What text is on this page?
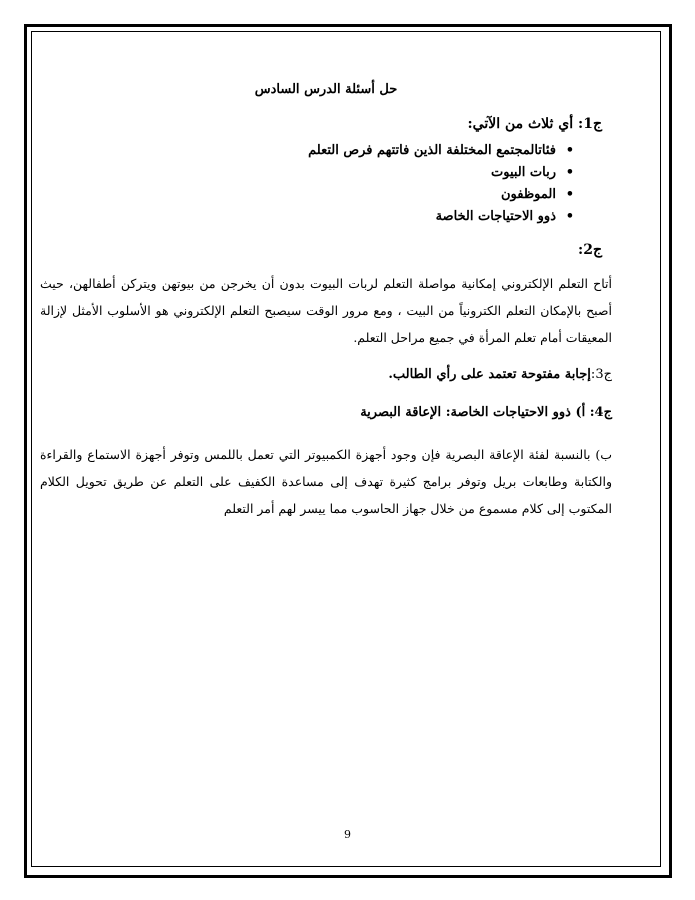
حل أسئلة الدرس السادس
ج1: أي ثلاث من الآتي:
• فئاتالمجتمع المختلفة الذين فاتتهم فرص التعلم
• ربات البيوت
• الموظفون
• ذوو الاحتياجات الخاصة
ج2:

أتاح التعلم الإلكتروني إمكانية مواصلة التعلم لربات البيوت بدون أن يخرجن من بيوتهن ويتركن أطفالهن، حيث أصبح بالإمكان التعلم الكترونياً من البيت ، ومع مرور الوقت سيصبح التعلم الإلكتروني هو الأسلوب الأمثل لإزالة المعيقات أمام تعلم المرأة في جميع مراحل التعلم.

ج3:إجابة مفتوحة تعتمد على رأي الطالب.

ج4: أ) ذوو الاحتياجات الخاصة: الإعاقة البصرية

ب) بالنسبة لفئة الإعاقة البصرية فإن وجود أجهزة الكمبيوتر التي تعمل باللمس وتوفر أجهزة الاستماع والقراءة والكتابة وطابعات بريل وتوفر برامج كثيرة تهدف إلى مساعدة الكفيف على التعلم عن طريق تحويل الكلام المكتوب إلى كلام مسموع من خلال جهاز الحاسوب مما ييسر لهم أمر التعلم

9
